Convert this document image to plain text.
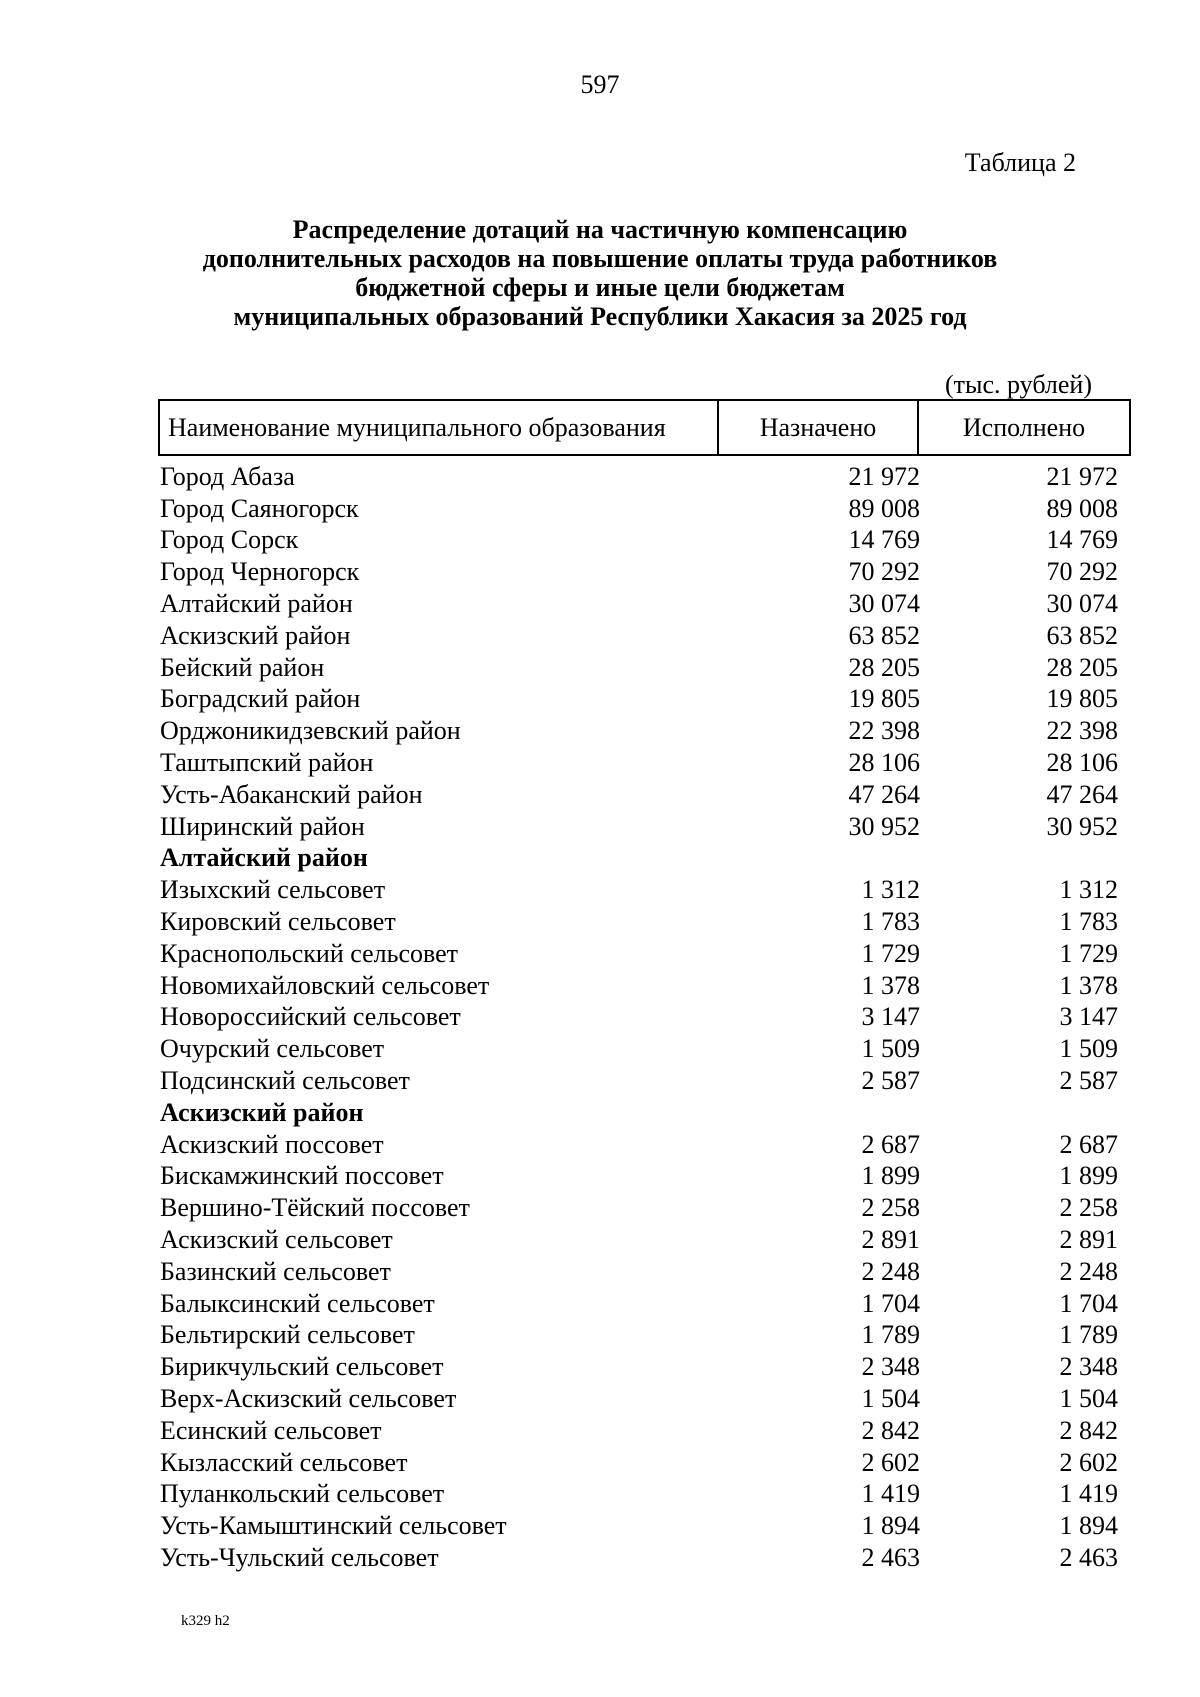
597
Таблица 2
Распределение дотаций на частичную компенсацию
дополнительных расходов на повышение оплаты труда работников
бюджетной сферы и иные цели бюджетам
муниципальных образований Республики Хакасия за 2025 год
(тыс. рублей)
Наименование муниципального образования	Назначено	Исполнено
Город Абаза	21 972	21 972
Город Саяногорск	89 008	89 008
Город Сорск	14 769	14 769
Город Черногорск	70 292	70 292
Алтайский район	30 074	30 074
Аскизский район	63 852	63 852
Бейский район	28 205	28 205
Боградский район	19 805	19 805
Орджоникидзевский район	22 398	22 398
Таштыпский район	28 106	28 106
Усть-Абаканский район	47 264	47 264
Ширинский район	30 952	30 952
Алтайский район
Изыхский сельсовет	1 312	1 312
Кировский сельсовет	1 783	1 783
Краснопольский сельсовет	1 729	1 729
Новомихайловский сельсовет	1 378	1 378
Новороссийский сельсовет	3 147	3 147
Очурский сельсовет	1 509	1 509
Подсинский сельсовет	2 587	2 587
Аскизский район
Аскизский поссовет	2 687	2 687
Бискамжинский поссовет	1 899	1 899
Вершино-Тёйский поссовет	2 258	2 258
Аскизский сельсовет	2 891	2 891
Базинский сельсовет	2 248	2 248
Балыксинский сельсовет	1 704	1 704
Бельтирский сельсовет	1 789	1 789
Бирикчульский сельсовет	2 348	2 348
Верх-Аскизский сельсовет	1 504	1 504
Есинский сельсовет	2 842	2 842
Кызласский сельсовет	2 602	2 602
Пуланкольский сельсовет	1 419	1 419
Усть-Камыштинский сельсовет	1 894	1 894
Усть-Чульский сельсовет	2 463	2 463
k329 h2
